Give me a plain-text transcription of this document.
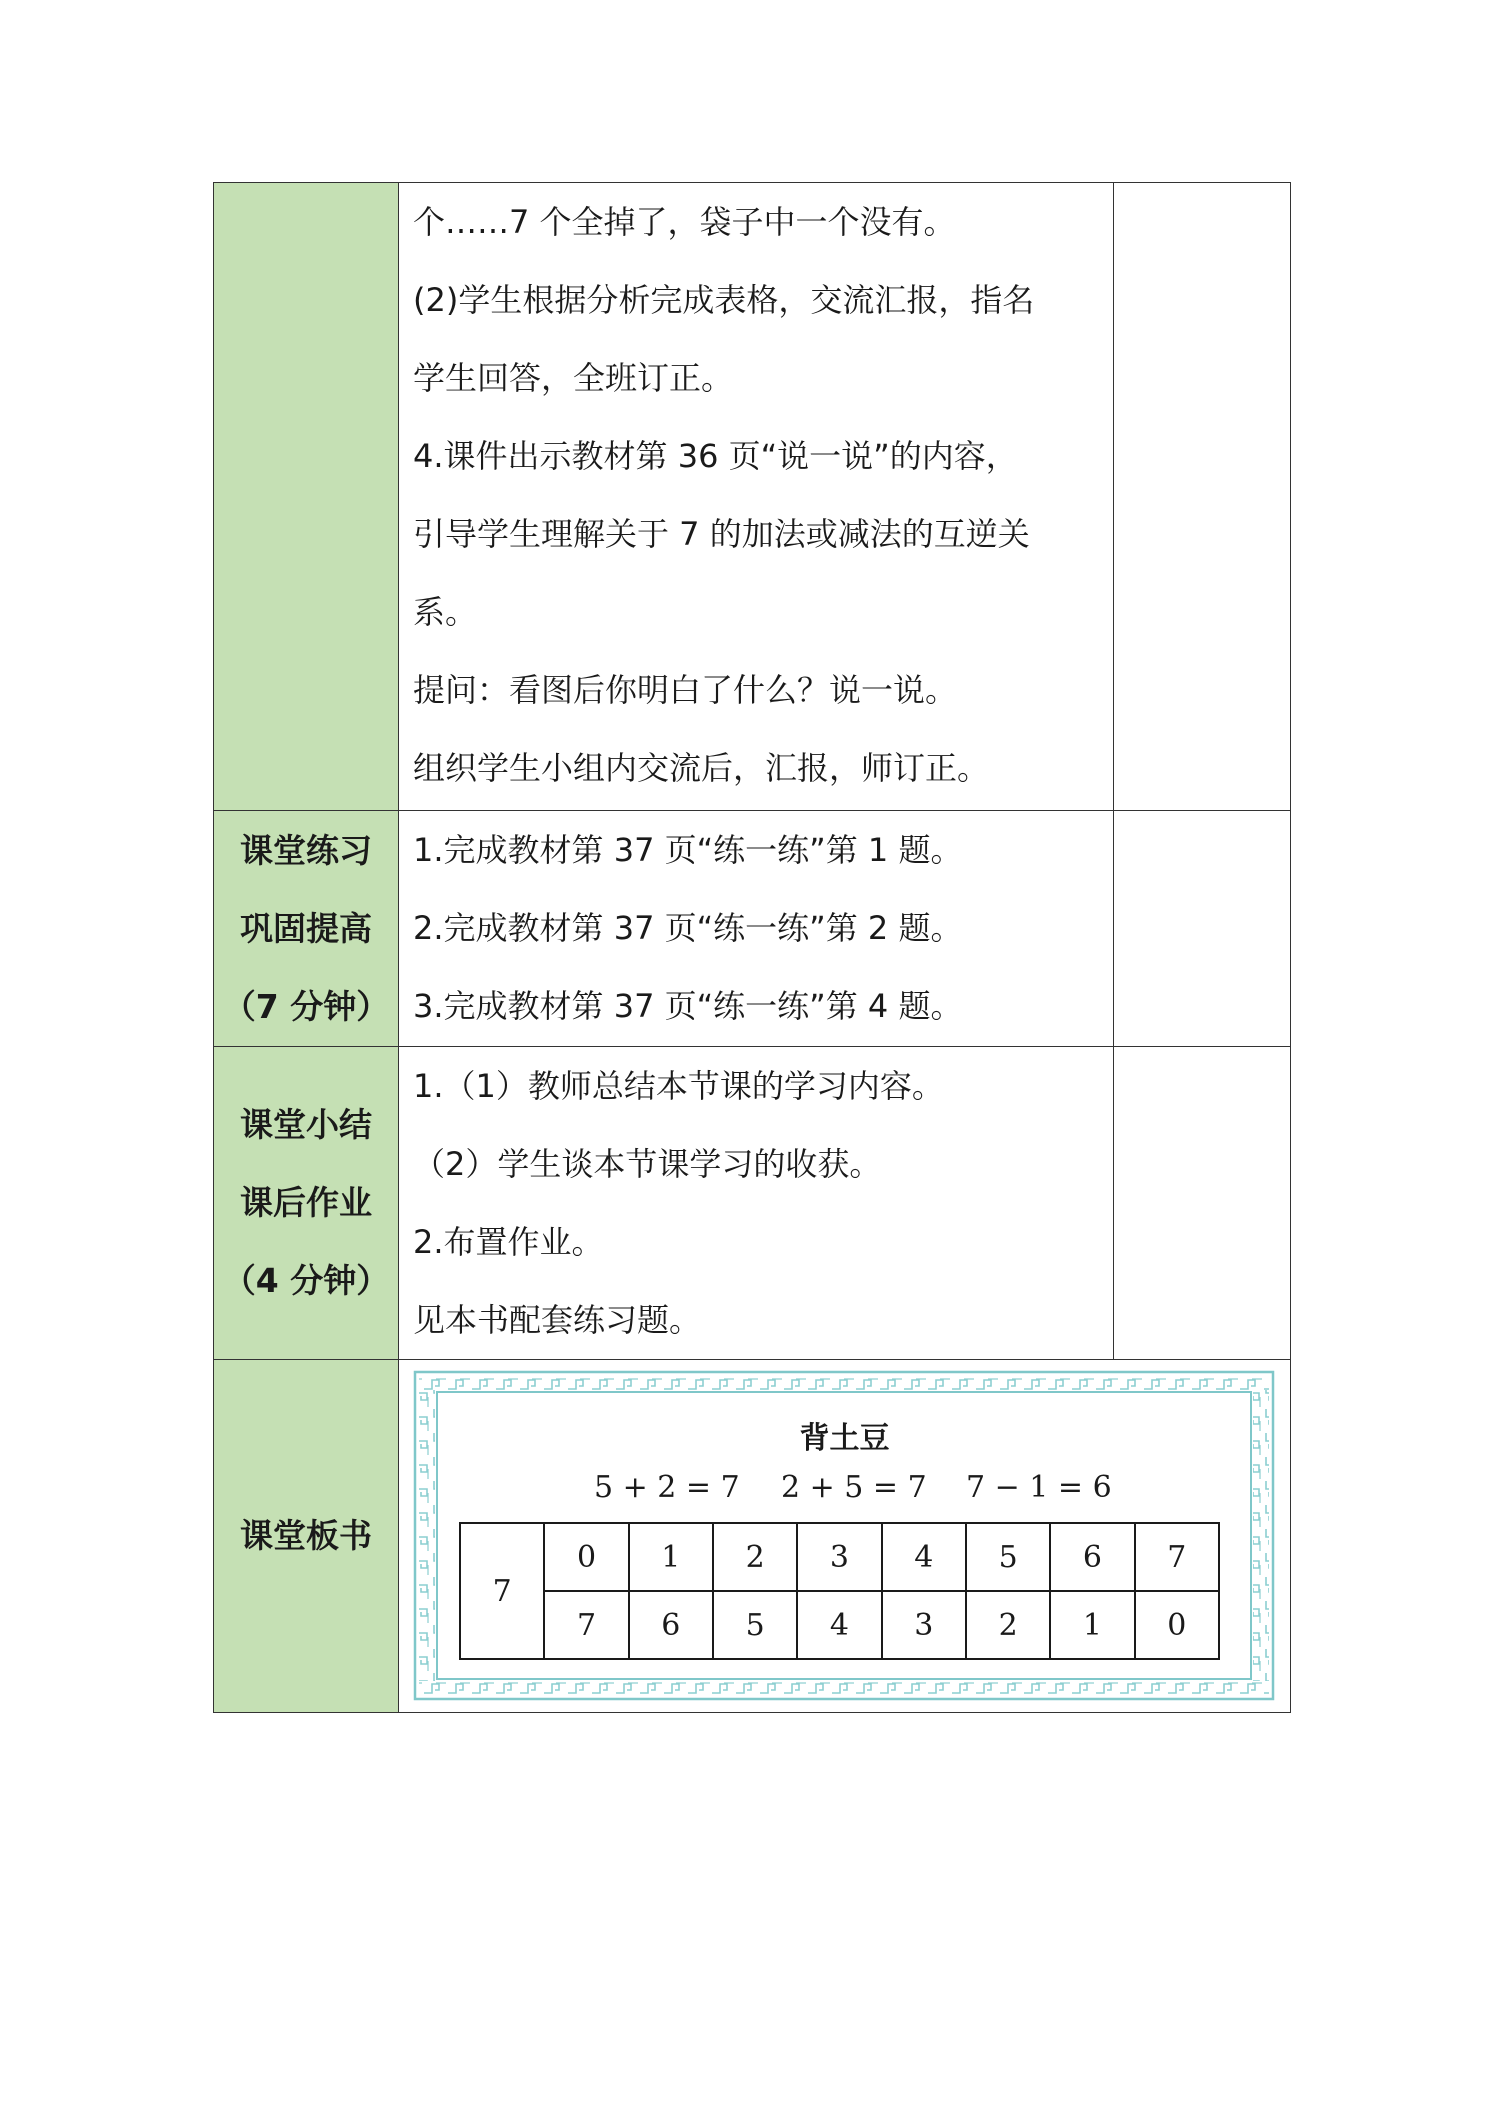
个……7 个全掉了，袋子中一个没有。
(2)学生根据分析完成表格，交流汇报，指名
学生回答，全班订正。
4.课件出示教材第 36 页“说一说”的内容，
引导学生理解关于 7 的加法或减法的互逆关
系。
提问：看图后你明白了什么？说一说。
组织学生小组内交流后，汇报，师订正。

课堂练习
巩固提高
（7 分钟）

1.完成教材第 37 页“练一练”第 1 题。
2.完成教材第 37 页“练一练”第 2 题。
3.完成教材第 37 页“练一练”第 4 题。

课堂小结
课后作业
（4 分钟）

1.（1）教师总结本节课的学习内容。
（2）学生谈本节课学习的收获。
2.布置作业。
见本书配套练习题。

课堂板书	
背土豆
5 + 2 = 7 2 + 5 = 7 7 − 1 = 6
7	0	1	2	3	4	5	6	7
7	6	5	4	3	2	1	0
